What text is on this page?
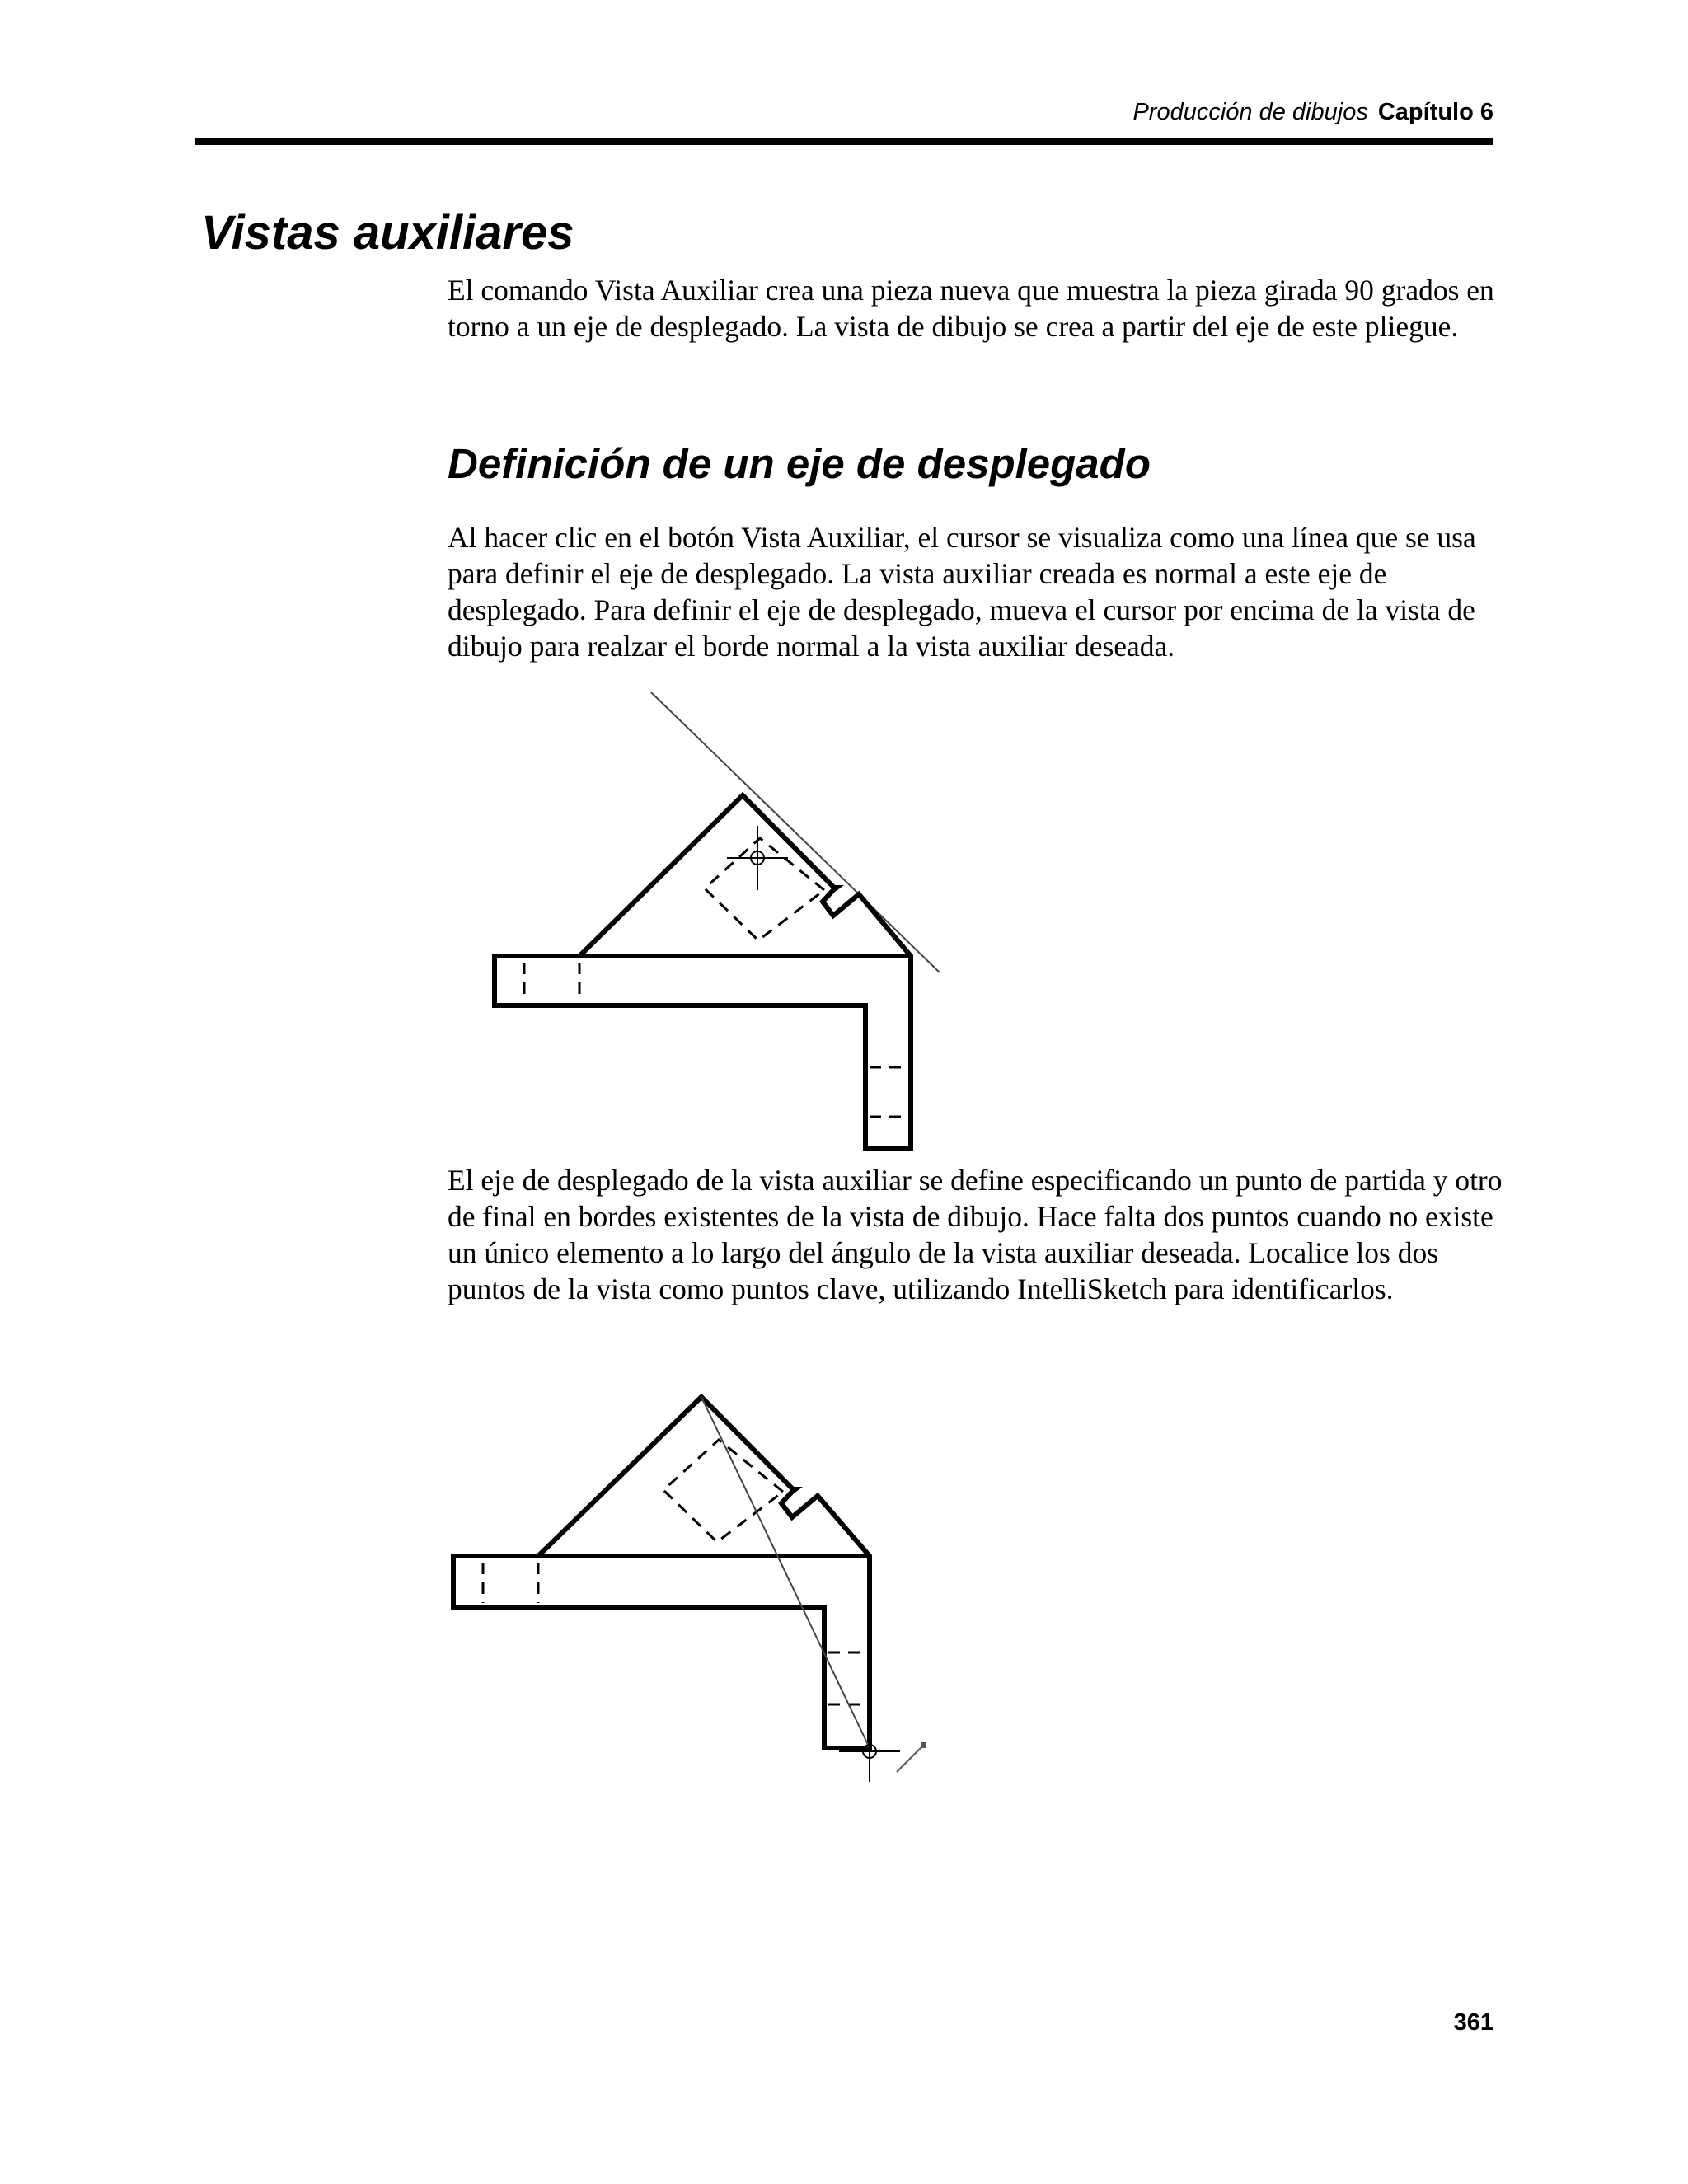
Producción de dibujos Capítulo 6
Vistas auxiliares

El comando Vista Auxiliar crea una pieza nueva que muestra la pieza girada 90 grados en torno a un eje de desplegado. La vista de dibujo se crea a partir del eje de este pliegue.

Definición de un eje de desplegado

Al hacer clic en el botón Vista Auxiliar, el cursor se visualiza como una línea que se usa para definir el eje de desplegado. La vista auxiliar creada es normal a este eje de desplegado. Para definir el eje de desplegado, mueva el cursor por encima de la vista de dibujo para realzar el borde normal a la vista auxiliar deseada.

El eje de desplegado de la vista auxiliar se define especificando un punto de partida y otro de final en bordes existentes de la vista de dibujo. Hace falta dos puntos cuando no existe un único elemento a lo largo del ángulo de la vista auxiliar deseada. Localice los dos puntos de la vista como puntos clave, utilizando IntelliSketch para identificarlos.

361
